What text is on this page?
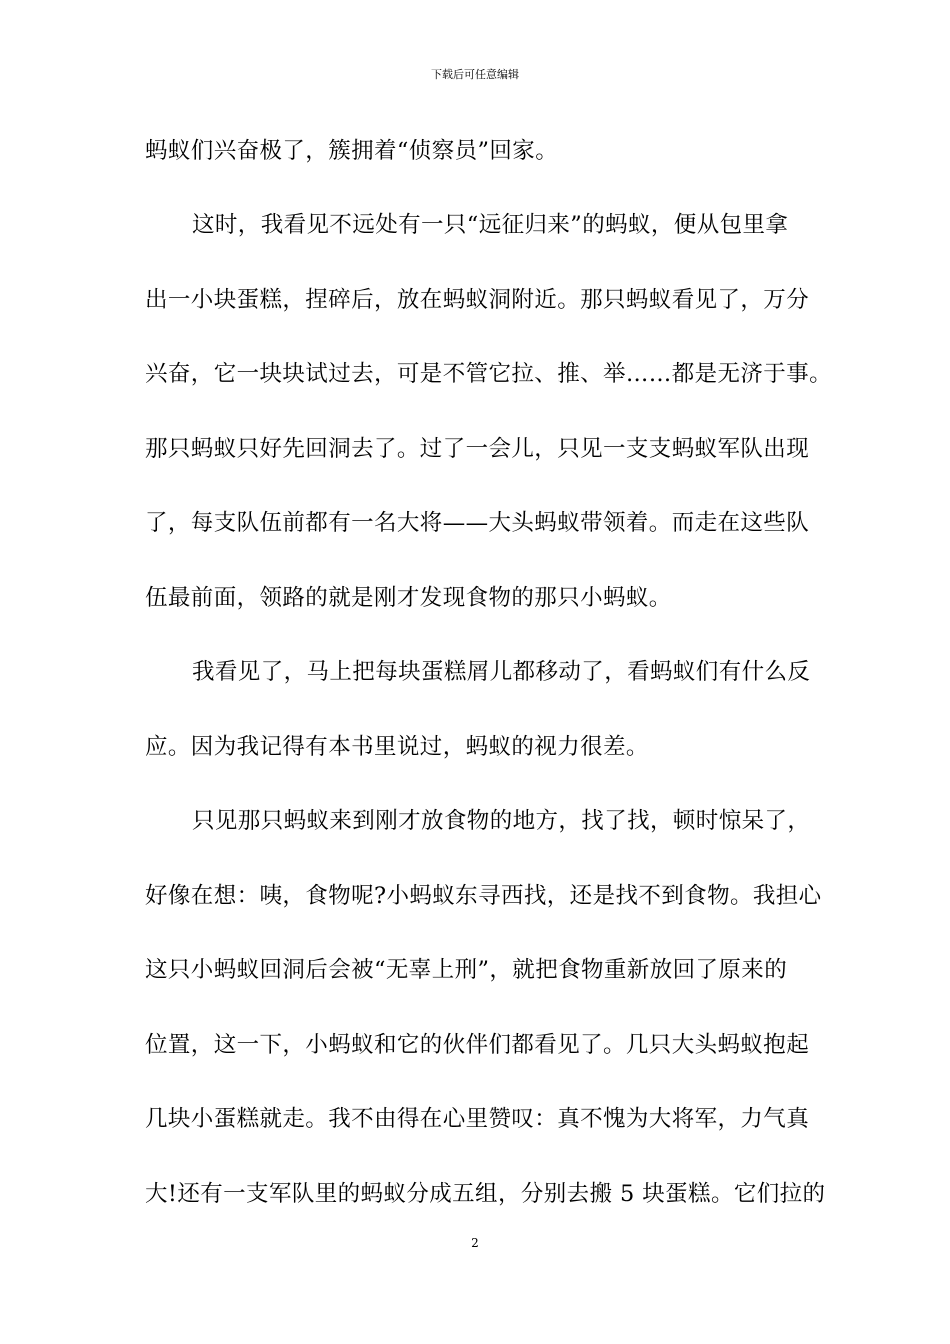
下载后可任意编辑
蚂蚁们兴奋极了，簇拥着“侦察员”回家。
这时，我看见不远处有一只“远征归来”的蚂蚁，便从包里拿
出一小块蛋糕，捏碎后，放在蚂蚁洞附近。那只蚂蚁看见了，万分
兴奋，它一块块试过去，可是不管它拉、推、举……都是无济于事。
那只蚂蚁只好先回洞去了。过了一会儿，只见一支支蚂蚁军队出现
了，每支队伍前都有一名大将——大头蚂蚁带领着。而走在这些队
伍最前面，领路的就是刚才发现食物的那只小蚂蚁。
我看见了，马上把每块蛋糕屑儿都移动了，看蚂蚁们有什么反
应。因为我记得有本书里说过，蚂蚁的视力很差。
只见那只蚂蚁来到刚才放食物的地方，找了找，顿时惊呆了，
好像在想：咦，食物呢?小蚂蚁东寻西找，还是找不到食物。我担心
这只小蚂蚁回洞后会被“无辜上刑”，就把食物重新放回了原来的
位置，这一下，小蚂蚁和它的伙伴们都看见了。几只大头蚂蚁抱起
几块小蛋糕就走。我不由得在心里赞叹：真不愧为大将军，力气真
大!还有一支军队里的蚂蚁分成五组，分别去搬 5 块蛋糕。它们拉的
2
